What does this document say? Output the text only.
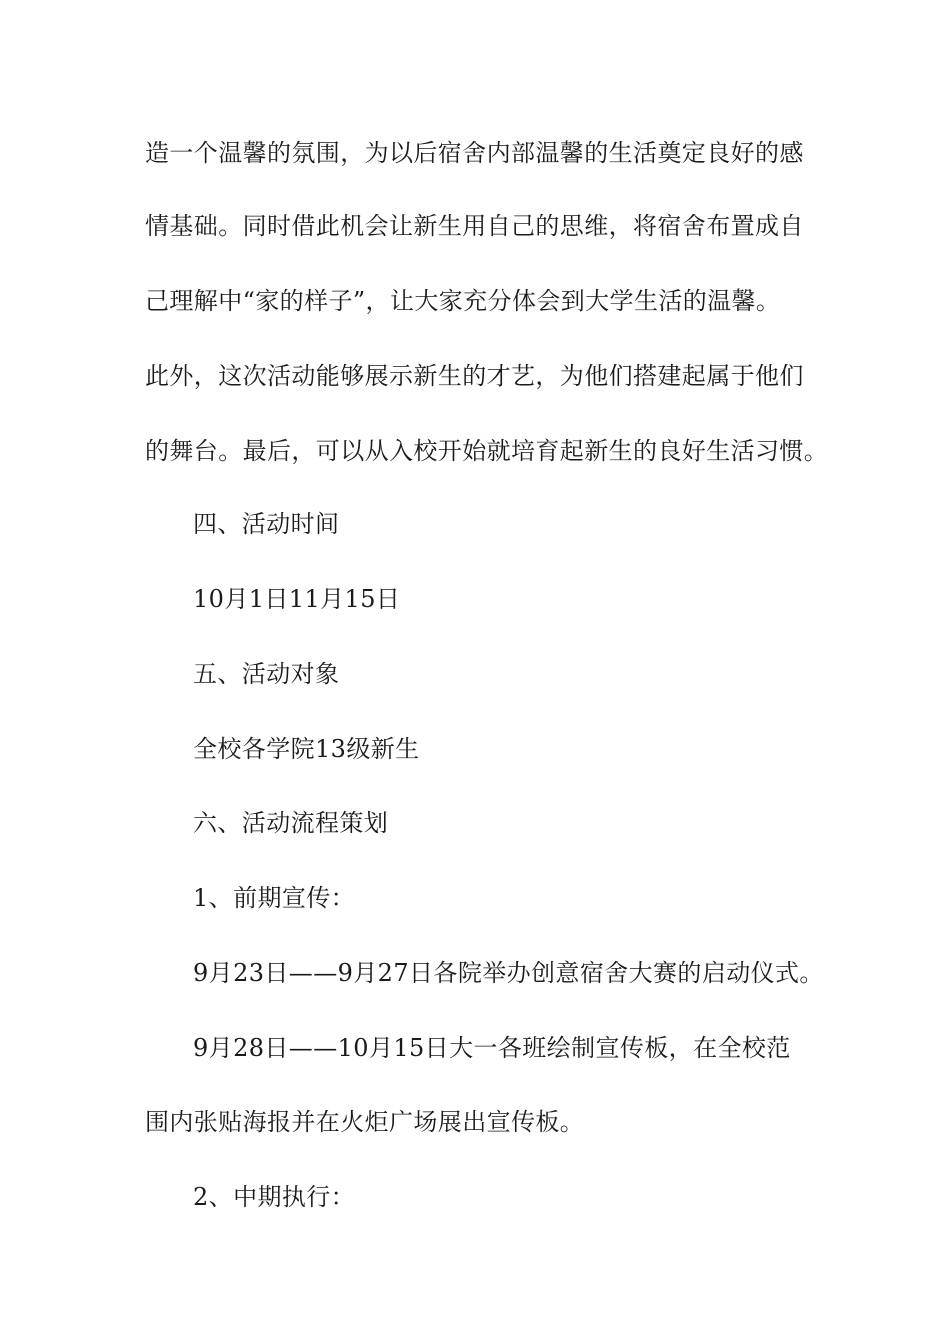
造一个温馨的氛围，为以后宿舍内部温馨的生活奠定良好的感
情基础。同时借此机会让新生用自己的思维，将宿舍布置成自
己理解中“家的样子”，让大家充分体会到大学生活的温馨。
此外，这次活动能够展示新生的才艺，为他们搭建起属于他们
的舞台。最后，可以从入校开始就培育起新生的良好生活习惯。
四、活动时间
10月1日11月15日
五、活动对象
全校各学院13级新生
六、活动流程策划
1、前期宣传：
9月23日——9月27日各院举办创意宿舍大赛的启动仪式。
9月28日——10月15日大一各班绘制宣传板，在全校范
围内张贴海报并在火炬广场展出宣传板。
2、中期执行：
